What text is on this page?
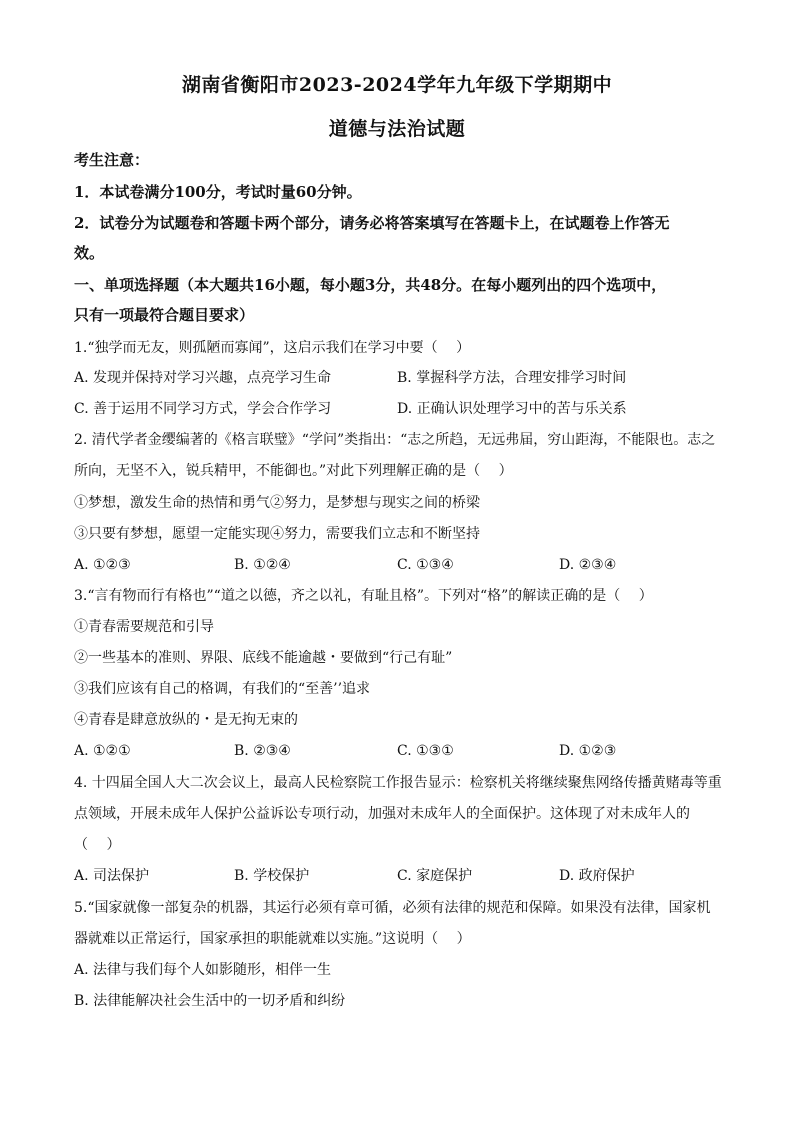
湖南省衡阳市2023-2024学年九年级下学期期中
道德与法治试题
考生注意：
1．本试卷满分100分，考试时量60分钟。
2．试卷分为试题卷和答题卡两个部分，请务必将答案填写在答题卡上，在试题卷上作答无
效。
一、单项选择题（本大题共16小题，每小题3分，共48分。在每小题列出的四个选项中，
只有一项最符合题目要求）
1.“独学而无友，则孤陋而寡闻”，这启示我们在学习中要（　 ）
A. 发现并保持对学习兴趣，点亮学习生命	B. 掌握科学方法，合理安排学习时间
C. 善于运用不同学习方式，学会合作学习	D. 正确认识处理学习中的苦与乐关系
2. 清代学者金缨编著的《格言联璧》“学问”类指出：“志之所趋，无远弗届，穷山距海，不能限也。志之
所向，无坚不入，锐兵精甲，不能御也。”对此下列理解正确的是（　 ）
①梦想，激发生命的热情和勇气②努力，是梦想与现实之间的桥梁
③只要有梦想，愿望一定能实现④努力，需要我们立志和不断坚持
A. ①②③	B. ①②④	C. ①③④	D. ②③④
3.“言有物而行有格也”“道之以德，齐之以礼，有耻且格”。下列对“格”的解读正确的是（　 ）
①青春需要规范和引导
②一些基本的准则、界限、底线不能逾越・要做到“行己有耻”
③我们应该有自己的格调，有我们的“至善’’追求
④青春是肆意放纵的・是无拘无束的
A. ①②①	B. ②③④	C. ①③①	D. ①②③
4. 十四届全国人大二次会议上，最高人民检察院工作报告显示：检察机关将继续聚焦网络传播黄赌毒等重
点领域，开展未成年人保护公益诉讼专项行动，加强对未成年人的全面保护。这体现了对未成年人的
（　 ）
A. 司法保护	B. 学校保护	C. 家庭保护	D. 政府保护
5.“国家就像一部复杂的机器，其运行必须有章可循，必须有法律的规范和保障。如果没有法律，国家机
器就难以正常运行，国家承担的职能就难以实施。”这说明（　 ）
A. 法律与我们每个人如影随形，相伴一生
B. 法律能解决社会生活中的一切矛盾和纠纷
